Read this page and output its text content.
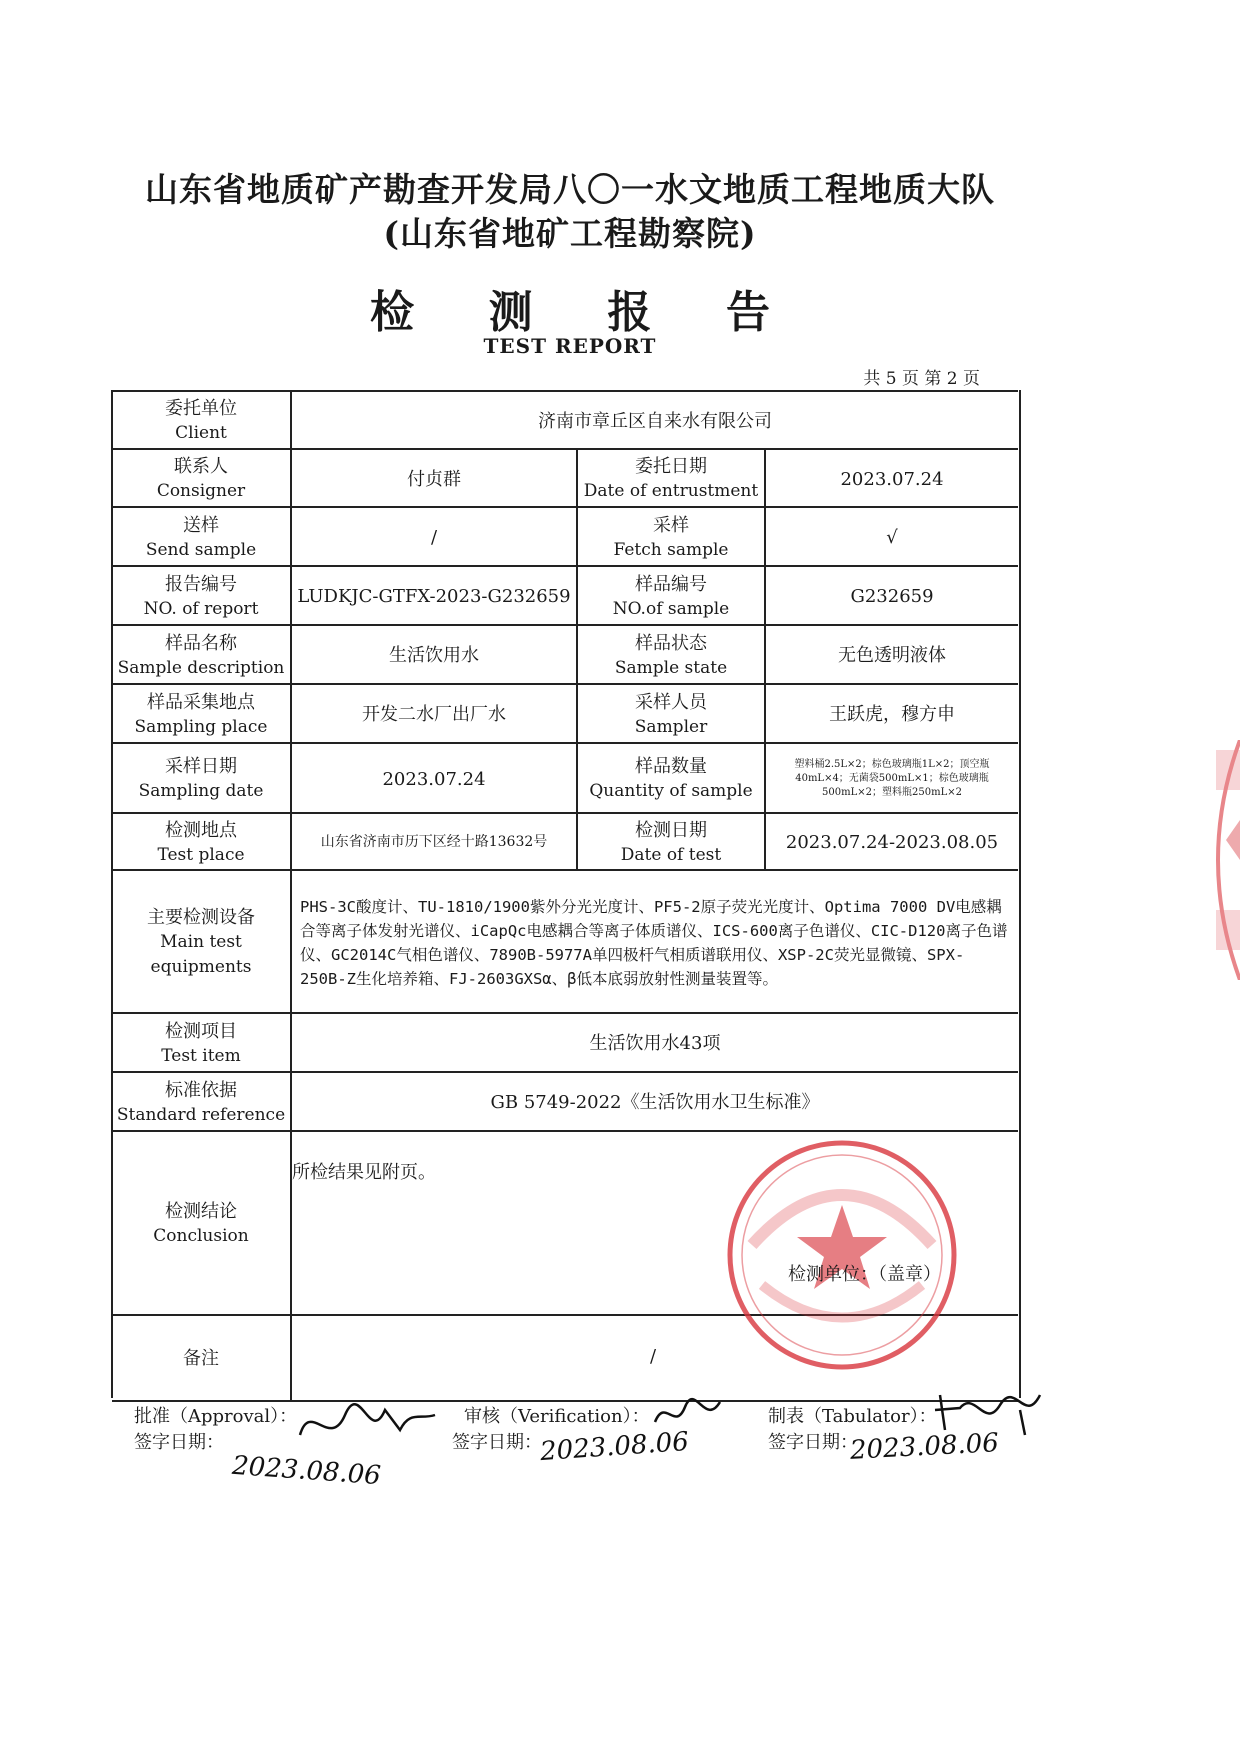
山东省地质矿产勘查开发局八〇一水文地质工程地质大队
(山东省地矿工程勘察院)
检 测 报 告
TEST REPORT
共 5 页 第 2 页
委托单位
Client
济南市章丘区自来水有限公司
联系人
Consigner
付贞群
委托日期
Date of entrustment
2023.07.24
送样
Send sample
/
采样
Fetch sample
√
报告编号
NO. of report
LUDKJC-GTFX-2023-G232659
样品编号
NO.of sample
G232659
样品名称
Sample description
生活饮用水
样品状态
Sample state
无色透明液体
样品采集地点
Sampling place
开发二水厂出厂水
采样人员
Sampler
王跃虎，穆方申
采样日期
Sampling date
2023.07.24
样品数量
Quantity of sample
塑料桶2.5L×2；棕色玻璃瓶1L×2；顶空瓶40mL×4；无菌袋500mL×1；棕色玻璃瓶500mL×2；塑料瓶250mL×2
检测地点
Test place
山东省济南市历下区经十路13632号
检测日期
Date of test
2023.07.24-2023.08.05
主要检测设备
Main test equipments
PHS-3C酸度计、TU-1810/1900紫外分光光度计、PF5-2原子荧光光度计、Optima 7000 DV电感耦合等离子体发射光谱仪、iCapQc电感耦合等离子体质谱仪、ICS-600离子色谱仪、CIC-D120离子色谱仪、GC2014C气相色谱仪、7890B-5977A单四极杆气相质谱联用仪、XSP-2C荧光显微镜、SPX-250B-Z生化培养箱、FJ-2603GXSα、β低本底弱放射性测量装置等。
检测项目
Test item
生活饮用水43项
标准依据
Standard reference
GB 5749-2022《生活饮用水卫生标准》
检测结论
Conclusion
备注
所检结果见附页。
检测单位：（盖章）
/
批准（Approval）：
签字日期：
审核（Verification）：
签字日期：
制表（Tabulator）：
签字日期：
2023.08.06
2023.08.06	2023.08.06
